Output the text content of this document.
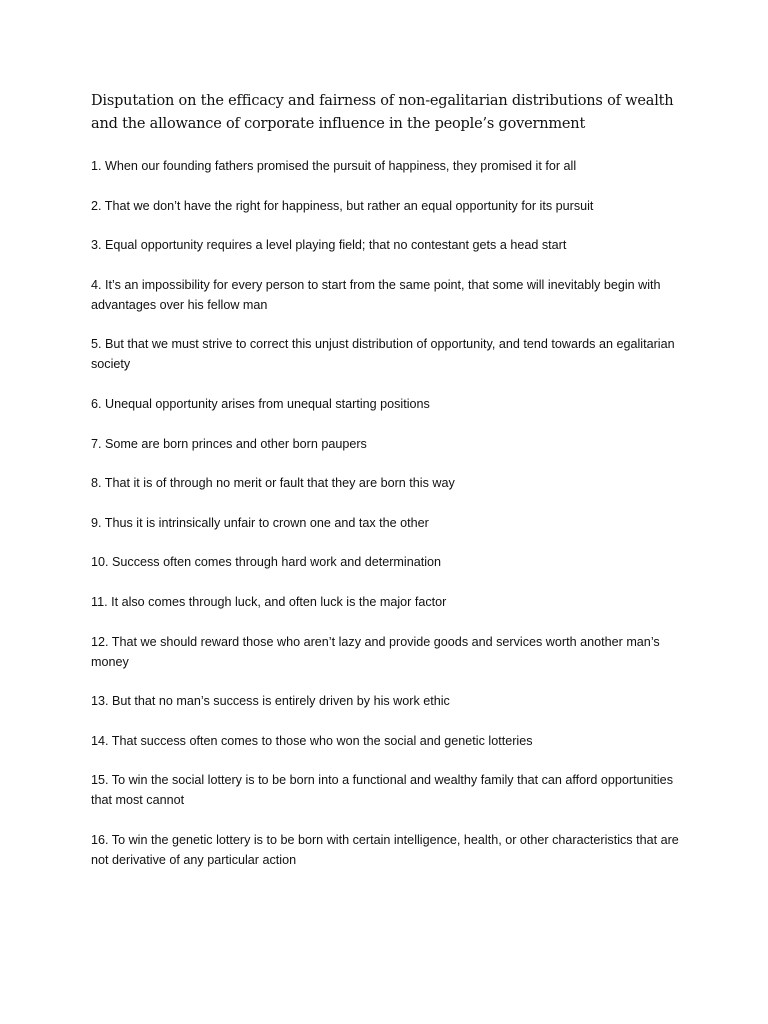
Disputation on the efficacy and fairness of non-egalitarian distributions of wealth and the allowance of corporate influence in the people’s government
1. When our founding fathers promised the pursuit of happiness, they promised it for all
2. That we don’t have the right for happiness, but rather an equal opportunity for its pursuit
3. Equal opportunity requires a level playing field; that no contestant gets a head start
4. It’s an impossibility for every person to start from the same point, that some will inevitably begin with advantages over his fellow man
5. But that we must strive to correct this unjust distribution of opportunity, and tend towards an egalitarian society
6. Unequal opportunity arises from unequal starting positions
7. Some are born princes and other born paupers
8. That it is of through no merit or fault that they are born this way
9. Thus it is intrinsically unfair to crown one and tax the other
10. Success often comes through hard work and determination
11. It also comes through luck, and often luck is the major factor
12. That we should reward those who aren’t lazy and provide goods and services worth another man’s money
13. But that no man’s success is entirely driven by his work ethic
14. That success often comes to those who won the social and genetic lotteries
15. To win the social lottery is to be born into a functional and wealthy family that can afford opportunities that most cannot
16. To win the genetic lottery is to be born with certain intelligence, health, or other characteristics that are not derivative of any particular action
